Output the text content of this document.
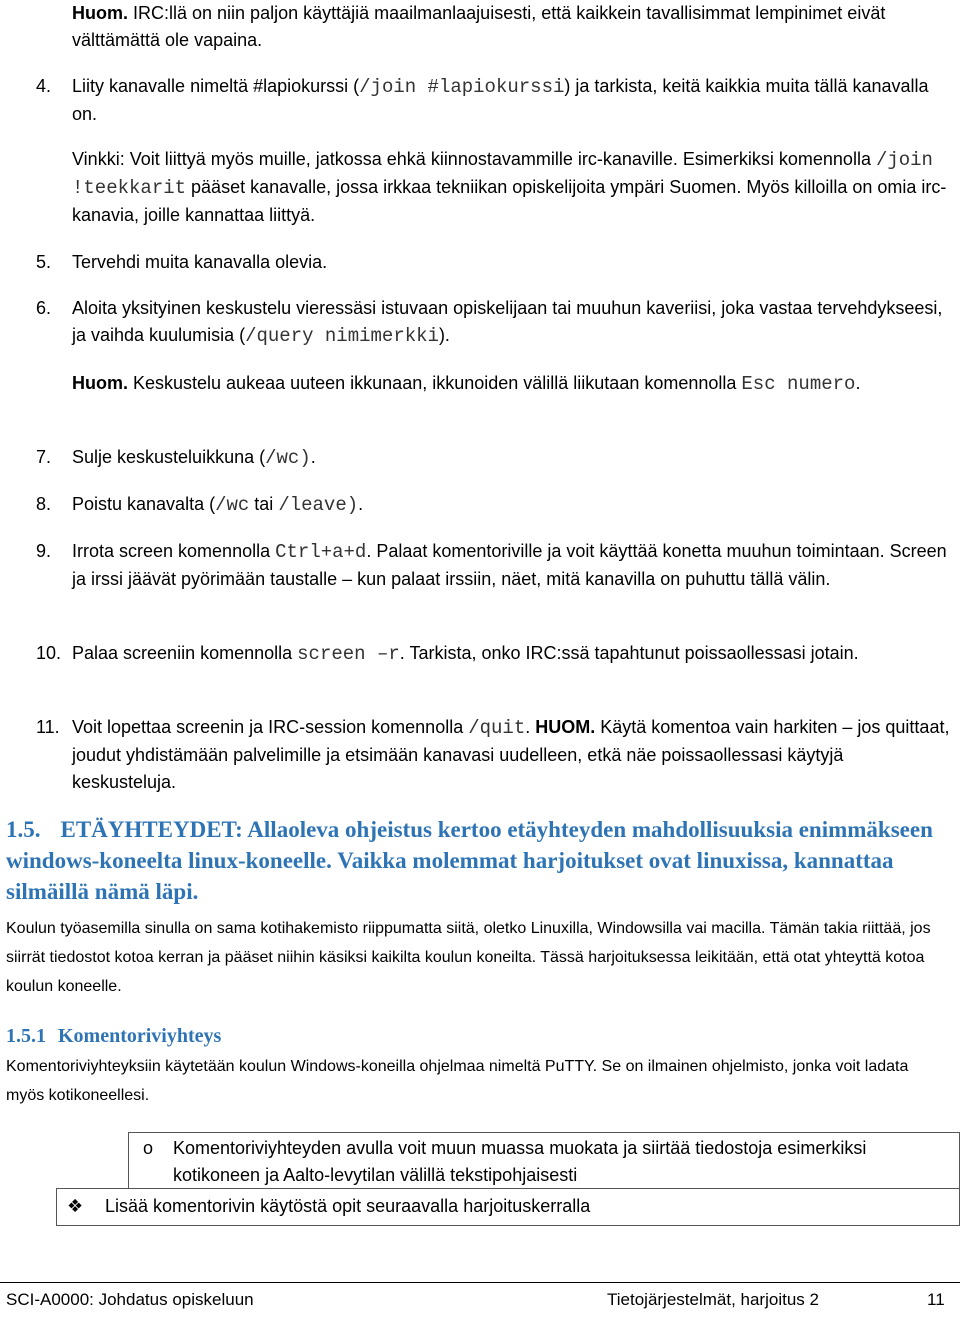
Huom. IRC:llä on niin paljon käyttäjiä maailmanlaajuisesti, että kaikkein tavallisimmat lempinimet eivät välttämättä ole vapaina.

4. Liity kanavalle nimeltä #lapiokurssi (/join #lapiokurssi) ja tarkista, keitä kaikkia muita tällä kanavalla on.

Vinkki: Voit liittyä myös muille, jatkossa ehkä kiinnostavammille irc-kanaville. Esimerkiksi komennolla /join !teekkarit pääset kanavalle, jossa irkkaa tekniikan opiskelijoita ympäri Suomen. Myös killoilla on omia irc-kanavia, joille kannattaa liittyä.

5. Tervehdi muita kanavalla olevia.

6. Aloita yksityinen keskustelu vieressäsi istuvaan opiskelijaan tai muuhun kaveriisi, joka vastaa tervehdykseesi, ja vaihda kuulumisia (/query nimimerkki).

Huom. Keskustelu aukeaa uuteen ikkunaan, ikkunoiden välillä liikutaan komennolla Esc numero.

7. Sulje keskusteluikkuna (/wc).

8. Poistu kanavalta (/wc tai /leave).

9. Irrota screen komennolla Ctrl+a+d. Palaat komentoriville ja voit käyttää konetta muuhun toimintaan. Screen ja irssi jäävät pyörimään taustalle – kun palaat irssiin, näet, mitä kanavilla on puhuttu tällä välin.

10. Palaa screeniin komennolla screen –r. Tarkista, onko IRC:ssä tapahtunut poissaollessasi jotain.

11. Voit lopettaa screenin ja IRC-session komennolla /quit. HUOM. Käytä komentoa vain harkiten – jos quittaat, joudut yhdistämään palvelimille ja etsimään kanavasi uudelleen, etkä näe poissaollessasi käytyjä keskusteluja.

1.5. ETÄYHTEYDET: Allaoleva ohjeistus kertoo etäyhteyden mahdollisuuksia enimmäkseen windows-koneelta linux-koneelle. Vaikka molemmat harjoitukset ovat linuxissa, kannattaa silmäillä nämä läpi.

Koulun työasemilla sinulla on sama kotihakemisto riippumatta siitä, oletko Linuxilla, Windowsilla vai macilla. Tämän takia riittää, jos siirrät tiedostot kotoa kerran ja pääset niihin käsiksi kaikilta koulun koneilta. Tässä harjoituksessa leikitään, että otat yhteyttä kotoa koulun koneelle.

1.5.1 Komentoriviyhteys

Komentoriviyhteyksiin käytetään koulun Windows-koneilla ohjelmaa nimeltä PuTTY. Se on ilmainen ohjelmisto, jonka voit ladata myös kotikoneellesi.

o Komentoriviyhteyden avulla voit muun muassa muokata ja siirtää tiedostoja esimerkiksi kotikoneen ja Aalto-levytilan välillä tekstipohjaisesti

❖ Lisää komentorivin käytöstä opit seuraavalla harjoituskerralla

SCI-A0000: Johdatus opiskeluun	Tietojärjestelmät, harjoitus 2	11
